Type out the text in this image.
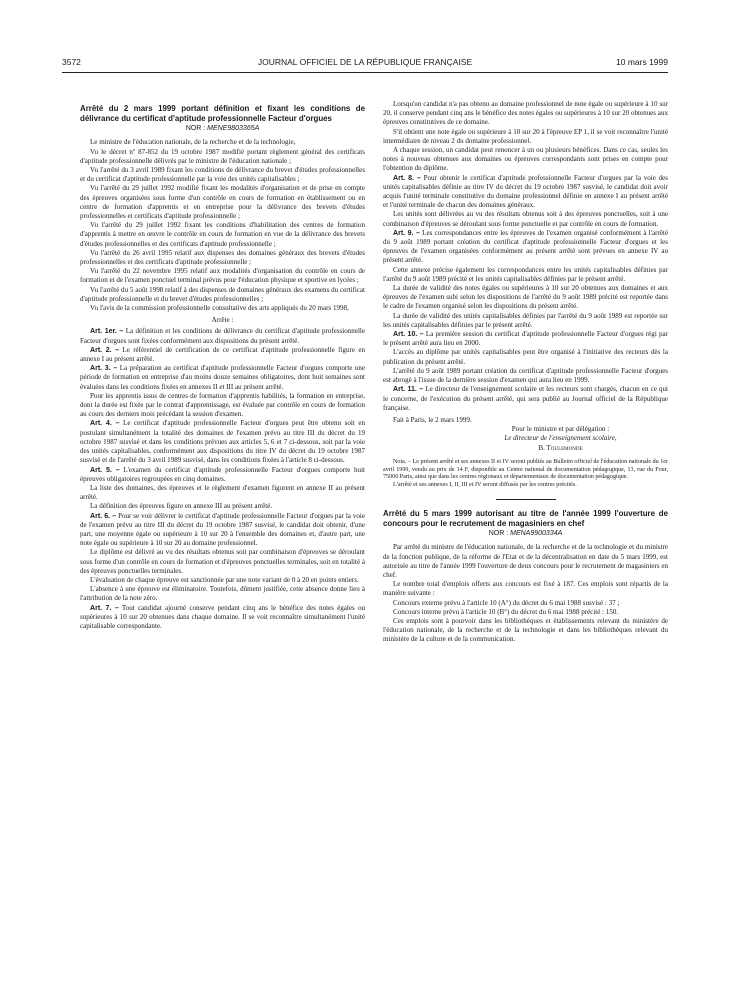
3572	JOURNAL OFFICIEL DE LA RÉPUBLIQUE FRANÇAISE	10 mars 1999
Arrêté du 2 mars 1999 portant définition et fixant les conditions de délivrance du certificat d'aptitude professionnelle Facteur d'orgues
NOR : MENE9803365A

Le ministre de l'éducation nationale, de la recherche et de la technologie,

Vu le décret nº 87-852 du 19 octobre 1987 modifié portant règlement général des certificats d'aptitude professionnelle délivrés par le ministre de l'éducation nationale ;

Vu l'arrêté du 3 avril 1989 fixant les conditions de délivrance du brevet d'études professionnelles et du certificat d'aptitude professionnelle par la voie des unités capitalisables ;

Vu l'arrêté du 29 juillet 1992 modifié fixant les modalités d'organisation et de prise en compte des épreuves organisées sous forme d'un contrôle en cours de formation en établissement ou en centre de formation d'apprentis et en entreprise pour la délivrance des brevets d'études professionnelles et certificats d'aptitude professionnelle ;

Vu l'arrêté du 29 juillet 1992 fixant les conditions d'habilitation des centres de formation d'apprentis à mettre en œuvre le contrôle en cours de formation en vue de la délivrance des brevets d'études professionnelles et des certificats d'aptitude professionnelle ;

Vu l'arrêté du 26 avril 1995 relatif aux dispenses des domaines généraux des brevets d'études professionnelles et des certificats d'aptitude professionnelle ;

Vu l'arrêté du 22 novembre 1995 relatif aux modalités d'organisation du contrôle en cours de formation et de l'examen ponctuel terminal prévus pour l'éducation physique et sportive en lycées ;

Vu l'arrêté du 5 août 1998 relatif à des dispenses de domaines généraux des examens du certificat d'aptitude professionnelle et du brevet d'études professionnelles ;

Vu l'avis de la commission professionnelle consultative des arts appliqués du 20 mars 1998,

Arrête :

Art. 1er. – La définition et les conditions de délivrance du certificat d'aptitude professionnelle Facteur d'orgues sont fixées conformément aux dispositions du présent arrêté.

Art. 2. – Le référentiel de certification de ce certificat d'aptitude professionnelle figure en annexe I au présent arrêté.

Art. 3. – La préparation au certificat d'aptitude professionnelle Facteur d'orgues comporte une période de formation en entreprise d'au moins douze semaines obligatoires, dont huit semaines sont évaluées dans les conditions fixées en annexes II et III au présent arrêté.

Pour les apprentis issus de centres de formation d'apprentis habilités, la formation en entreprise, dont la durée est fixée par le contrat d'apprentissage, est évaluée par contrôle en cours de formation au cours des derniers mois précédant la session d'examen.

Art. 4. – Le certificat d'aptitude professionnelle Facteur d'orgues peut être obtenu soit en postulant simultanément la totalité des domaines de l'examen prévu au titre III du décret du 19 octobre 1987 susvisé et dans les conditions prévues aux articles 5, 6 et 7 ci-dessous, soit par la voie des unités capitalisables, conformément aux dispositions du titre IV du décret du 19 octobre 1987 susvisé et de l'arrêté du 3 avril 1989 susvisé, dans les conditions fixées à l'article 8 ci-dessous.

Art. 5. – L'examen du certificat d'aptitude professionnelle Facteur d'orgues comporte huit épreuves obligatoires regroupées en cinq domaines.

La liste des domaines, des épreuves et le règlement d'examen figurent en annexe II au présent arrêté.

La définition des épreuves figure en annexe III au présent arrêté.

Art. 6. – Pour se voir délivrer le certificat d'aptitude professionnelle Facteur d'orgues par la voie de l'examen prévu au titre III du décret du 19 octobre 1987 susvisé, le candidat doit obtenir, d'une part, une moyenne égale ou supérieure à 10 sur 20 à l'ensemble des domaines et, d'autre part, une note égale ou supérieure à 10 sur 20 au domaine professionnel.

Le diplôme est délivré au vu des résultats obtenus soit par combinaison d'épreuves se déroulant sous forme d'un contrôle en cours de formation et d'épreuves ponctuelles terminales, soit en totalité à des épreuves ponctuelles terminales.

L'évaluation de chaque épreuve est sanctionnée par une note variant de 0 à 20 en points entiers.

L'absence à une épreuve est éliminatoire. Toutefois, dûment justifiée, cette absence donne lieu à l'attribution de la note zéro.

Art. 7. – Tout candidat ajourné conserve pendant cinq ans le bénéfice des notes égales ou supérieures à 10 sur 20 obtenues dans chaque domaine. Il se voit reconnaître simultanément l'unité capitalisable correspondante.

Lorsqu'un candidat n'a pas obtenu au domaine professionnel de note égale ou supérieure à 10 sur 20, il conserve pendant cinq ans le bénéfice des notes égales ou supérieures à 10 sur 20 obtenues aux épreuves constitutives de ce domaine.

S'il obtient une note égale ou supérieure à 10 sur 20 à l'épreuve EP 1, il se voit reconnaître l'unité intermédiaire de niveau 2 du domaine professionnel.

A chaque session, un candidat peut renoncer à un ou plusieurs bénéfices. Dans ce cas, seules les notes à nouveau obtenues aux domaines ou épreuves correspondants sont prises en compte pour l'obtention du diplôme.

Art. 8. – Pour obtenir le certificat d'aptitude professionnelle Facteur d'orgues par la voie des unités capitalisables définie au titre IV du décret du 19 octobre 1987 susvisé, le candidat doit avoir acquis l'unité terminale constitutive du domaine professionnel définie en annexe I au présent arrêté et l'unité terminale de chacun des domaines généraux.

Les unités sont délivrées au vu des résultats obtenus soit à des épreuves ponctuelles, soit à une combinaison d'épreuves se déroulant sous forme ponctuelle et par contrôle en cours de formation.

Art. 9. – Les correspondances entre les épreuves de l'examen organisé conformément à l'arrêté du 9 août 1989 portant création du certificat d'aptitude professionnelle Facteur d'orgues et les épreuves de l'examen organisées conformément au présent arrêté sont prévues en annexe IV au présent arrêté.

Cette annexe précise également les correspondances entre les unités capitalisables définies par l'arrêté du 9 août 1989 précité et les unités capitalisables définies par le présent arrêté.

La durée de validité des notes égales ou supérieures à 10 sur 20 obtenues aux domaines et aux épreuves de l'examen subi selon les dispositions de l'arrêté du 9 août 1989 précité est reportée dans le cadre de l'examen organisé selon les dispositions du présent arrêté.

La durée de validité des unités capitalisables définies par l'arrêté du 9 août 1989 est reportée sur les unités capitalisables définies par le présent arrêté.

Art. 10. – La première session du certificat d'aptitude professionnelle Facteur d'orgues régi par le présent arrêté aura lieu en 2000.

L'accès au diplôme par unités capitalisables peut être organisé à l'initiative des recteurs dès la publication du présent arrêté.

L'arrêté du 9 août 1989 portant création du certificat d'aptitude professionnelle Facteur d'orgues est abrogé à l'issue de la dernière session d'examen qui aura lieu en 1999.

Art. 11. – Le directeur de l'enseignement scolaire et les recteurs sont chargés, chacun en ce qui le concerne, de l'exécution du présent arrêté, qui sera publié au Journal officiel de la République française.

Fait à Paris, le 2 mars 1999.

Pour le ministre et par délégation :

Le directeur de l'enseignement scolaire,

B. Toulemonde

Nota. – Le présent arrêté et ses annexes II et IV seront publiés au Bulletin officiel de l'éducation nationale du 1er avril 1999, vendu au prix de 14 F, disponible au Centre national de documentation pédagogique, 13, rue du Four, 75006 Paris, ainsi que dans les centres régionaux et départementaux de documentation pédagogique.

L'arrêté et ses annexes I, II, III et IV seront diffusés par les centres précités.

Arrêté du 5 mars 1999 autorisant au titre de l'année 1999 l'ouverture de concours pour le recrutement de magasiniers en chef
NOR : MENA9900334A

Par arrêté du ministre de l'éducation nationale, de la recherche et de la technologie et du ministre de la fonction publique, de la réforme de l'Etat et de la décentralisation en date du 5 mars 1999, est autorisée au titre de l'année 1999 l'ouverture de deux concours pour le recrutement de magasiniers en chef.

Le nombre total d'emplois offerts aux concours est fixé à 187. Ces emplois sont répartis de la manière suivante :

Concours externe prévu à l'article 10 (A°) du décret du 6 mai 1988 susvisé : 37 ;

Concours interne prévu à l'article 10 (B°) du décret du 6 mai 1988 précité : 150.

Ces emplois sont à pourvoir dans les bibliothèques et établissements relevant du ministère de l'éducation nationale, de la recherche et de la technologie et dans les bibliothèques relevant du ministère de la culture et de la communication.
